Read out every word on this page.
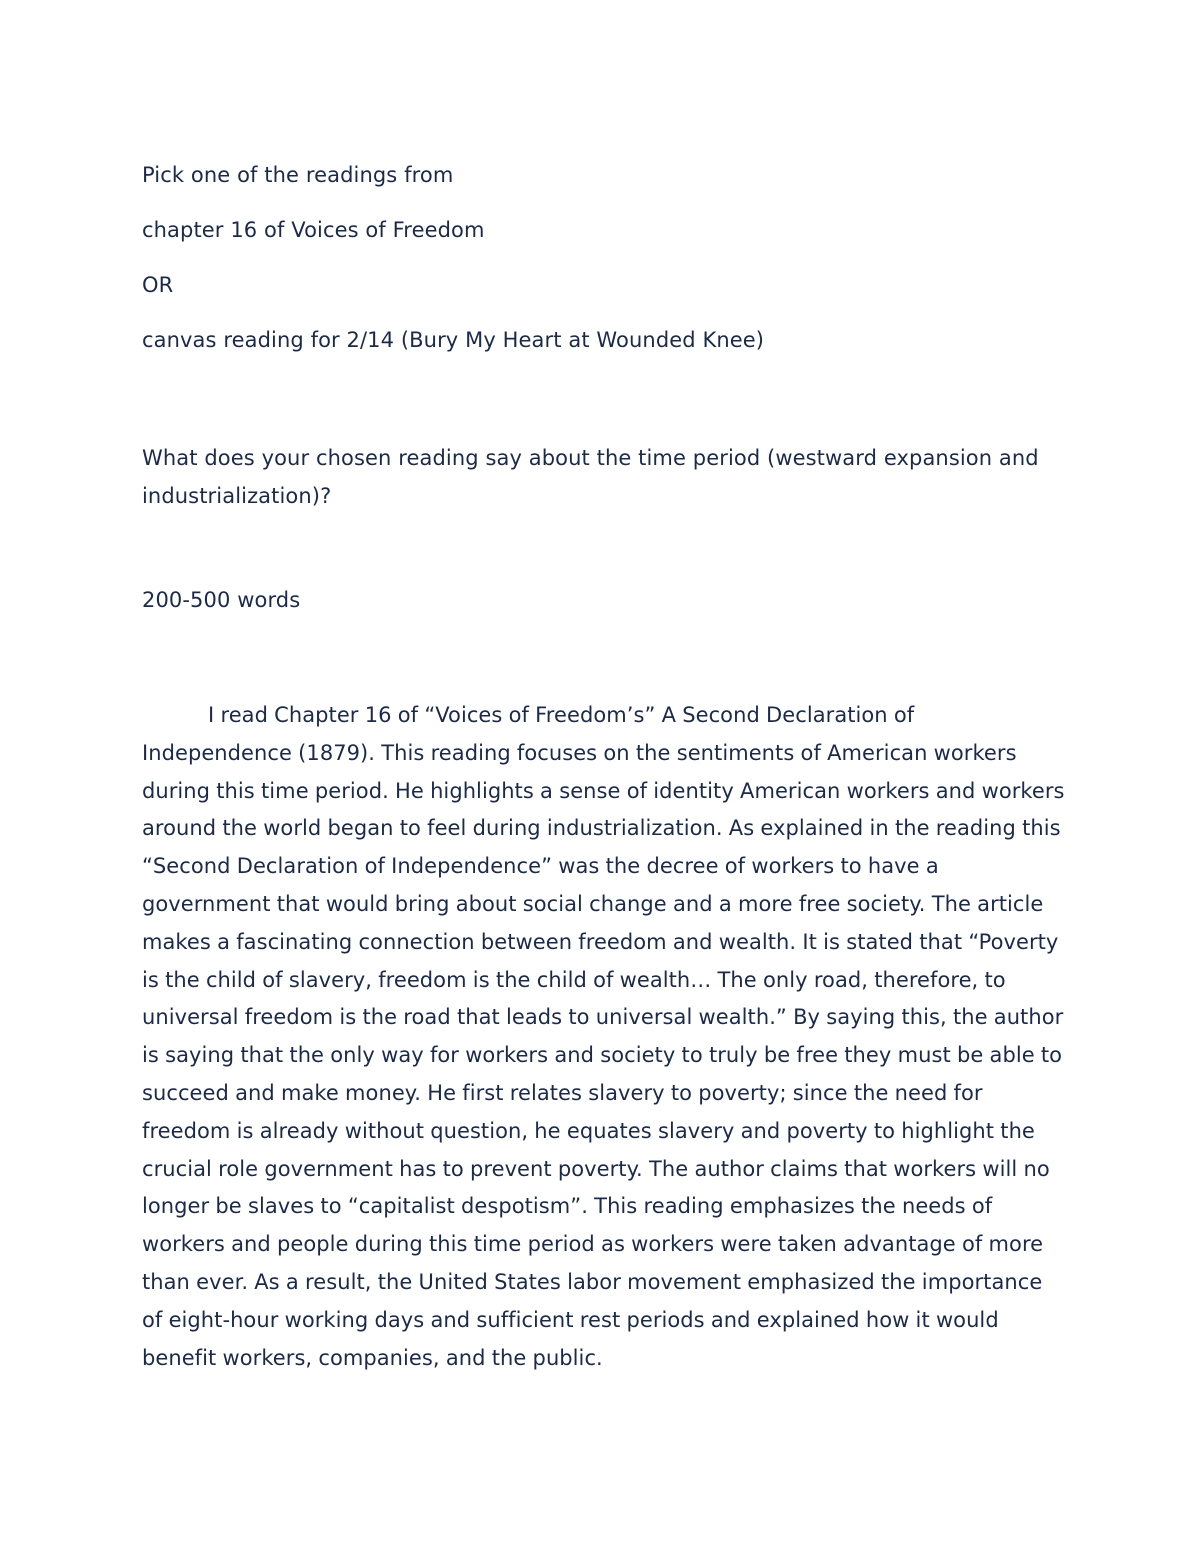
Pick one of the readings from
chapter 16 of Voices of Freedom
OR
canvas reading for 2/14 (Bury My Heart at Wounded Knee)
What does your chosen reading say about the time period (westward expansion and industrialization)?
200-500 words
I read Chapter 16 of “Voices of Freedom’s” A Second Declaration of Independence (1879). This reading focuses on the sentiments of American workers during this time period. He highlights a sense of identity American workers and workers around the world began to feel during industrialization. As explained in the reading this “Second Declaration of Independence” was the decree of workers to have a government that would bring about social change and a more free society. The article makes a fascinating connection between freedom and wealth. It is stated that “Poverty is the child of slavery, freedom is the child of wealth… The only road, therefore, to universal freedom is the road that leads to universal wealth.” By saying this, the author is saying that the only way for workers and society to truly be free they must be able to succeed and make money. He first relates slavery to poverty; since the need for freedom is already without question, he equates slavery and poverty to highlight the crucial role government has to prevent poverty. The author claims that workers will no longer be slaves to “capitalist despotism”. This reading emphasizes the needs of workers and people during this time period as workers were taken advantage of more than ever. As a result, the United States labor movement emphasized the importance of eight-hour working days and sufficient rest periods and explained how it would benefit workers, companies, and the public.
